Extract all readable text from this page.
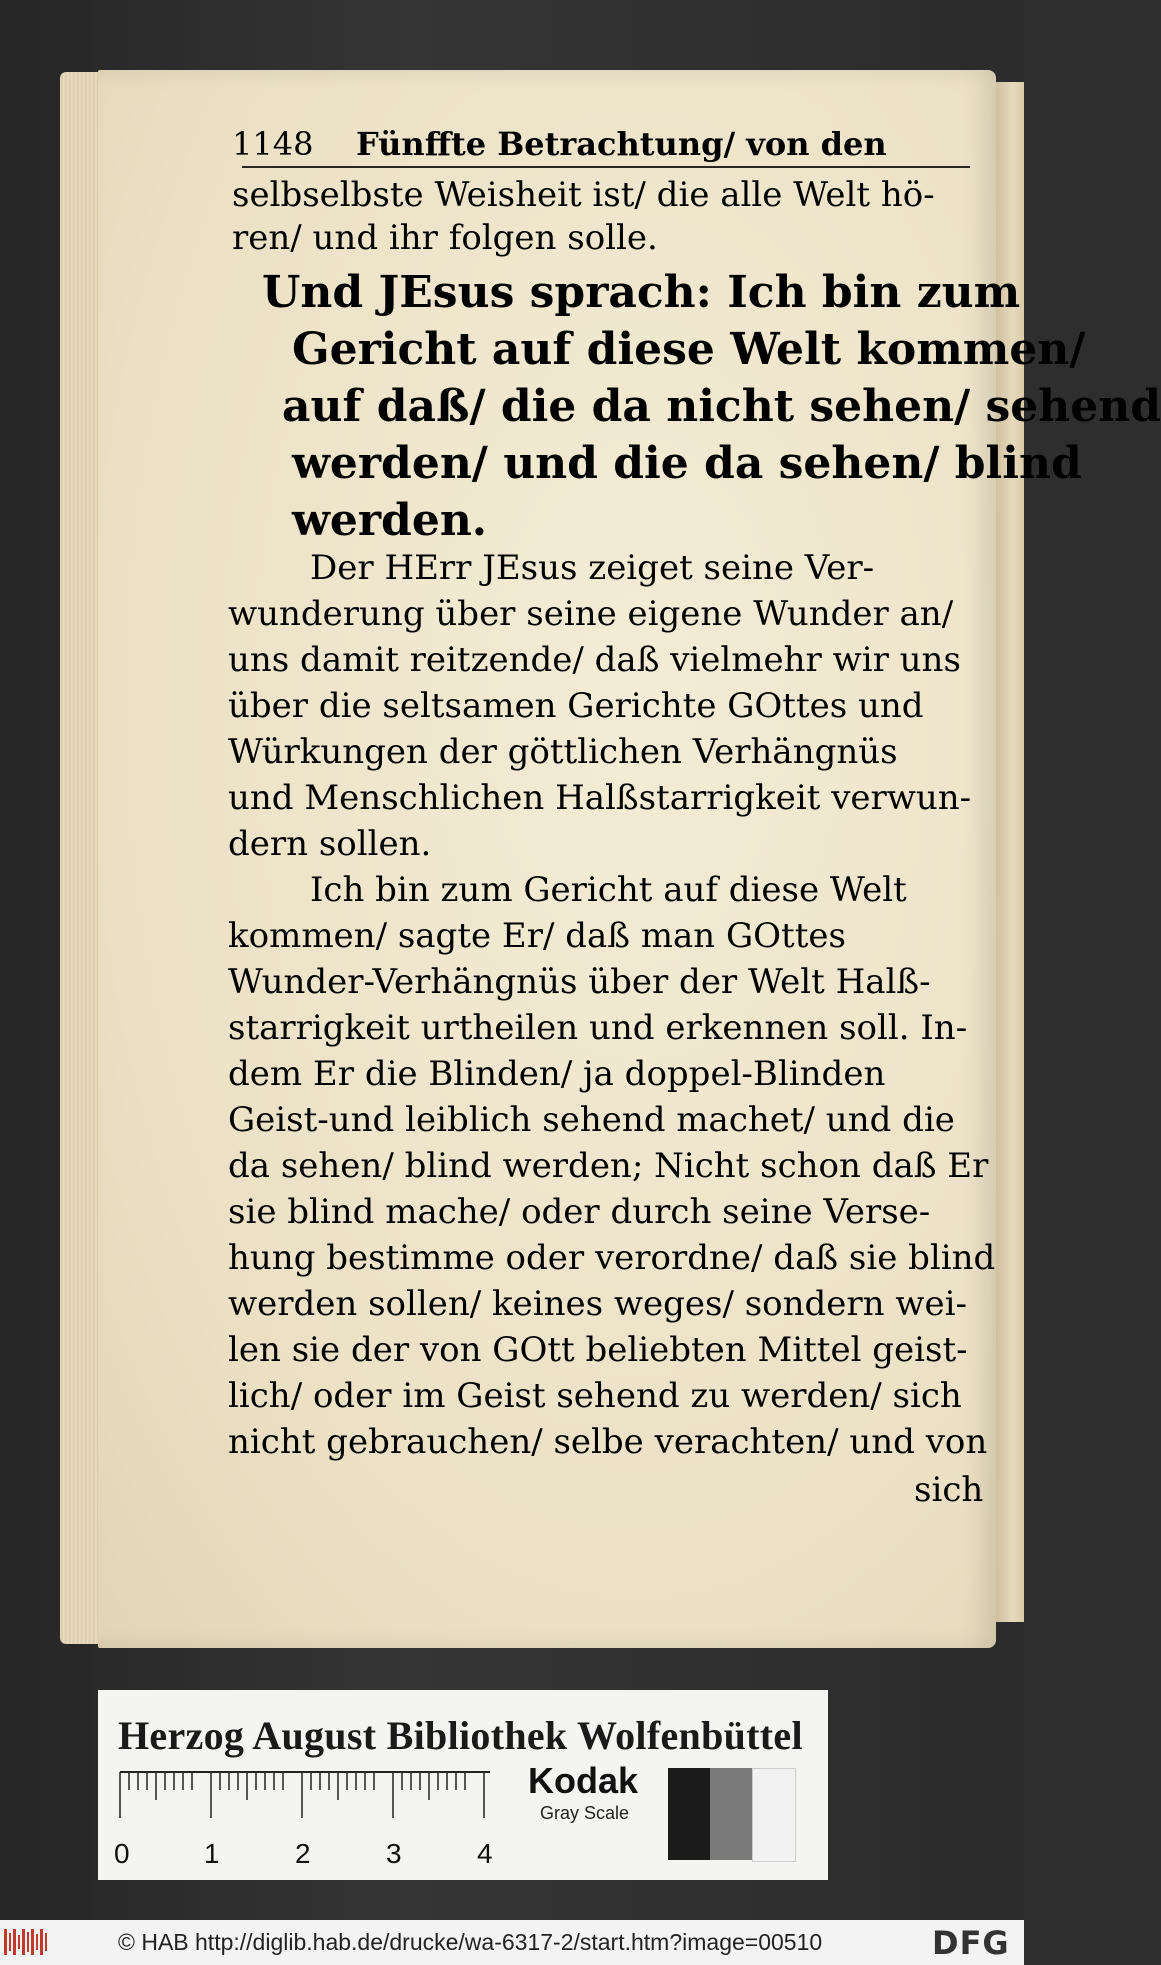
1148 Fünffte Betrachtung/ von den
selbselbste Weisheit ist/ die alle Welt hö-
ren/ und ihr folgen solle.
Und JEsus sprach: Ich bin zum
Gericht auf diese Welt kommen/
auf daß/ die da nicht sehen/ sehend
werden/ und die da sehen/ blind
werden.
Der HErr JEsus zeiget seine Ver-
wunderung über seine eigene Wunder an/
uns damit reitzende/ daß vielmehr wir uns
über die seltsamen Gerichte GOttes und
Würkungen der göttlichen Verhängnüs
und Menschlichen Halßstarrigkeit verwun-
dern sollen.
Ich bin zum Gericht auf diese Welt
kommen/ sagte Er/ daß man GOttes
Wunder-Verhängnüs über der Welt Halß-
starrigkeit urtheilen und erkennen soll. In-
dem Er die Blinden/ ja doppel-Blinden
Geist-und leiblich sehend machet/ und die
da sehen/ blind werden; Nicht schon daß Er
sie blind mache/ oder durch seine Verse-
hung bestimme oder verordne/ daß sie blind
werden sollen/ keines weges/ sondern wei-
len sie der von GOtt beliebten Mittel geist-
lich/ oder im Geist sehend zu werden/ sich
nicht gebrauchen/ selbe verachten/ und von
sich
Herzog August Bibliothek Wolfenbüttel
0	1	2	3	4
Kodak
Gray Scale
© HAB http://diglib.hab.de/drucke/wa-6317-2/start.htm?image=00510	DFG
